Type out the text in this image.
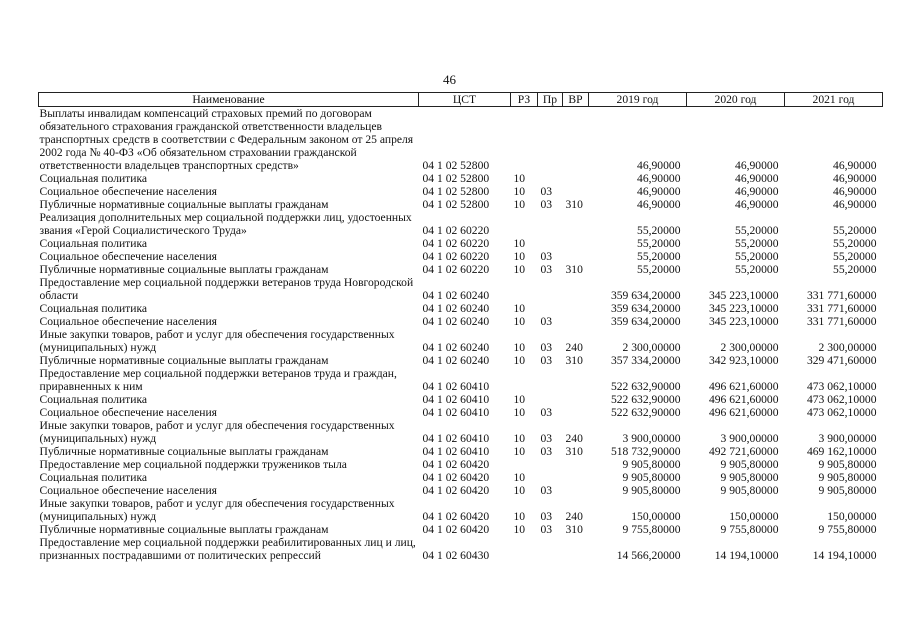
46
Наименование	ЦСТ	РЗ	Пр	ВР	2019 год	2020 год	2021 год
Выплаты инвалидам компенсаций страховых премий по договорам обязательного страхования гражданской ответственности владельцев транспортных средств в соответствии с Федеральным законом от 25 апреля 2002 года № 40-ФЗ «Об обязательном страховании гражданской ответственности владельцев транспортных средств»	04 1 02 52800				46,90000	46,90000	46,90000
Социальная политика	04 1 02 52800	10			46,90000	46,90000	46,90000
Социальное обеспечение населения	04 1 02 52800	10	03		46,90000	46,90000	46,90000
Публичные нормативные социальные выплаты гражданам	04 1 02 52800	10	03	310	46,90000	46,90000	46,90000
Реализация дополнительных мер социальной поддержки лиц, удостоенных звания «Герой Социалистического Труда»	04 1 02 60220				55,20000	55,20000	55,20000
Социальная политика	04 1 02 60220	10			55,20000	55,20000	55,20000
Социальное обеспечение населения	04 1 02 60220	10	03		55,20000	55,20000	55,20000
Публичные нормативные социальные выплаты гражданам	04 1 02 60220	10	03	310	55,20000	55,20000	55,20000
Предоставление мер социальной поддержки ветеранов труда Новгородской области	04 1 02 60240				359 634,20000	345 223,10000	331 771,60000
Социальная политика	04 1 02 60240	10			359 634,20000	345 223,10000	331 771,60000
Социальное обеспечение населения	04 1 02 60240	10	03		359 634,20000	345 223,10000	331 771,60000
Иные закупки товаров, работ и услуг для обеспечения государственных (муниципальных) нужд	04 1 02 60240	10	03	240	2 300,00000	2 300,00000	2 300,00000
Публичные нормативные социальные выплаты гражданам	04 1 02 60240	10	03	310	357 334,20000	342 923,10000	329 471,60000
Предоставление мер социальной поддержки ветеранов труда и граждан, приравненных к ним	04 1 02 60410				522 632,90000	496 621,60000	473 062,10000
Социальная политика	04 1 02 60410	10			522 632,90000	496 621,60000	473 062,10000
Социальное обеспечение населения	04 1 02 60410	10	03		522 632,90000	496 621,60000	473 062,10000
Иные закупки товаров, работ и услуг для обеспечения государственных (муниципальных) нужд	04 1 02 60410	10	03	240	3 900,00000	3 900,00000	3 900,00000
Публичные нормативные социальные выплаты гражданам	04 1 02 60410	10	03	310	518 732,90000	492 721,60000	469 162,10000
Предоставление мер социальной поддержки тружеников тыла	04 1 02 60420				9 905,80000	9 905,80000	9 905,80000
Социальная политика	04 1 02 60420	10			9 905,80000	9 905,80000	9 905,80000
Социальное обеспечение населения	04 1 02 60420	10	03		9 905,80000	9 905,80000	9 905,80000
Иные закупки товаров, работ и услуг для обеспечения государственных (муниципальных) нужд	04 1 02 60420	10	03	240	150,00000	150,00000	150,00000
Публичные нормативные социальные выплаты гражданам	04 1 02 60420	10	03	310	9 755,80000	9 755,80000	9 755,80000
Предоставление мер социальной поддержки реабилитированных лиц и лиц, признанных пострадавшими от политических репрессий	04 1 02 60430				14 566,20000	14 194,10000	14 194,10000
